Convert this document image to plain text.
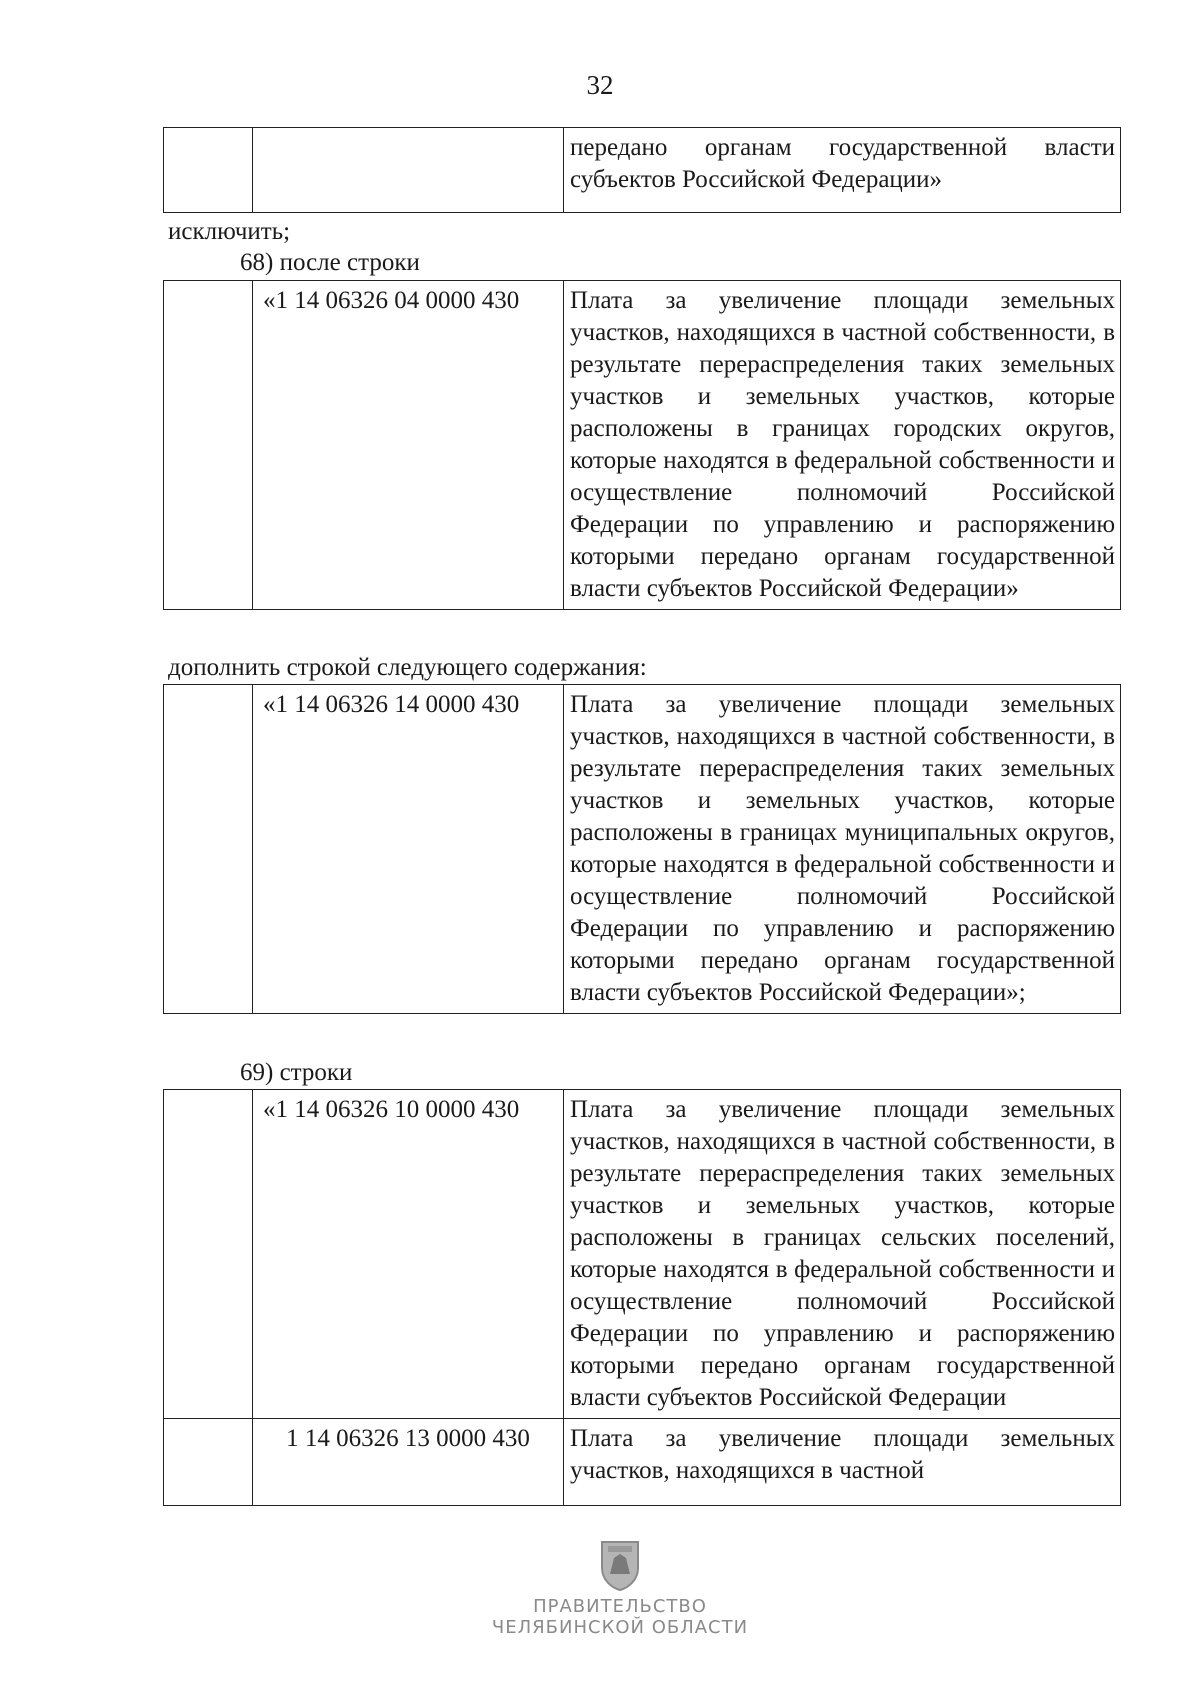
32

передано органам государственной власти
субъектов Российской Федерации»
исключить;
68) после строки

«1 14 06326 04 0000 430	Плата за увеличение площади земельных участков, находящихся в частной собственности, в результате перераспределения таких земельных участков и земельных участков, которые расположены в границах городских округов, которые находятся в федеральной собственности и осуществление полномочий Российской Федерации по управлению и распоряжению которыми передано органам государственной власти субъектов Российской Федерации»
дополнить строкой следующего содержания:

«1 14 06326 14 0000 430	Плата за увеличение площади земельных участков, находящихся в частной собственности, в результате перераспределения таких земельных участков и земельных участков, которые расположены в границах муниципальных округов, которые находятся в федеральной собственности и осуществление полномочий Российской Федерации по управлению и распоряжению которыми передано органам государственной власти субъектов Российской Федерации»;
69) строки

	«1 14 06326 10 0000 430	Плата за увеличение площади земельных участков, находящихся в частной собственности, в результате перераспределения таких земельных участков и земельных участков, которые расположены в границах сельских поселений, которые находятся в федеральной собственности и осуществление полномочий Российской Федерации по управлению и распоряжению которыми передано органам государственной власти субъектов Российской Федерации

	1 14 06326 13 0000 430	Плата за увеличение площади земельных участков, находящихся в частной
ПРАВИТЕЛЬСТВО
ЧЕЛЯБИНСКОЙ ОБЛАСТИ
